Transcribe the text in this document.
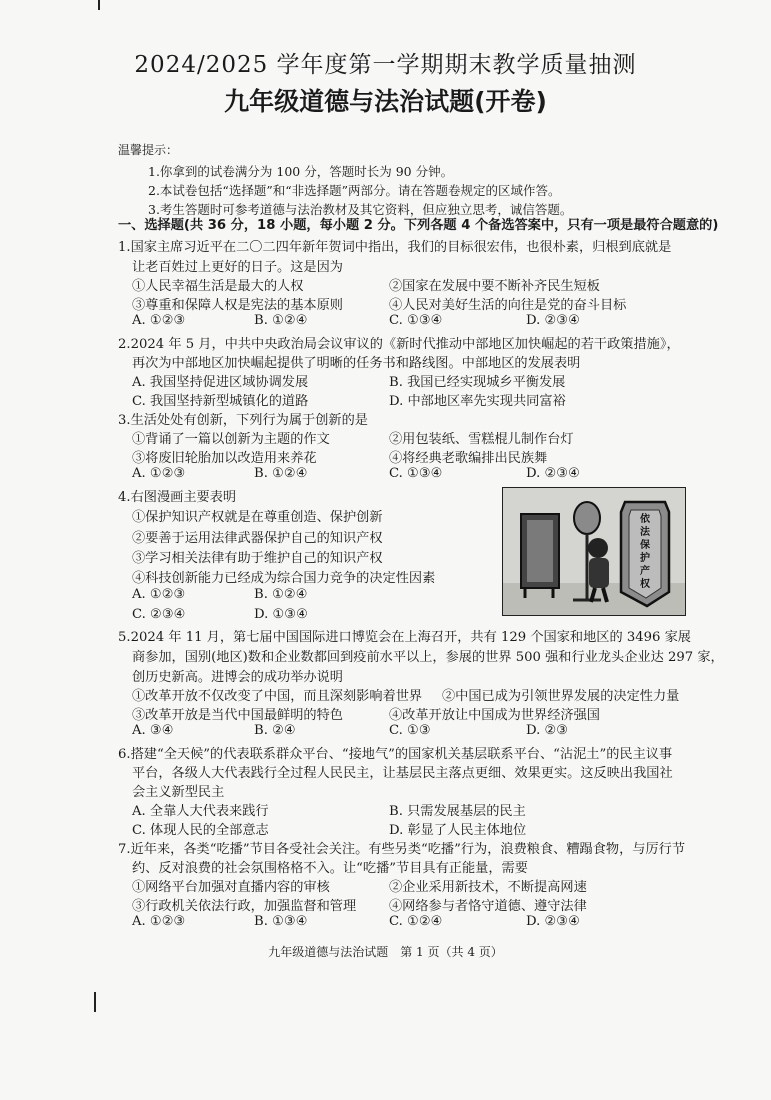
2024/2025 学年度第一学期期末教学质量抽测
九年级道德与法治试题(开卷)
温馨提示：
1.你拿到的试卷满分为 100 分，答题时长为 90 分钟。
2.本试卷包括“选择题”和“非选择题”两部分。请在答题卷规定的区域作答。
3.考生答题时可参考道德与法治教材及其它资料，但应独立思考，诚信答题。
一、选择题(共 36 分，18 小题，每小题 2 分。下列各题 4 个备选答案中，只有一项是最符合题意的)
1.国家主席习近平在二〇二四年新年贺词中指出，我们的目标很宏伟，也很朴素，归根到底就是
让老百姓过上更好的日子。这是因为
①人民幸福生活是最大的人权	②国家在发展中要不断补齐民生短板
③尊重和保障人权是宪法的基本原则	④人民对美好生活的向往是党的奋斗目标
A. ①②③	B. ①②④	C. ①③④	D. ②③④
2.2024 年 5 月，中共中央政治局会议审议的《新时代推动中部地区加快崛起的若干政策措施》，
再次为中部地区加快崛起提供了明晰的任务书和路线图。中部地区的发展表明
A. 我国坚持促进区域协调发展	B. 我国已经实现城乡平衡发展
C. 我国坚持新型城镇化的道路	D. 中部地区率先实现共同富裕
3.生活处处有创新，下列行为属于创新的是
①背诵了一篇以创新为主题的作文	②用包装纸、雪糕棍儿制作台灯
③将废旧轮胎加以改造用来养花	④将经典老歌编排出民族舞
A. ①②③	B. ①②④	C. ①③④	D. ②③④
4.右图漫画主要表明
①保护知识产权就是在尊重创造、保护创新
②要善于运用法律武器保护自己的知识产权
③学习相关法律有助于维护自己的知识产权
④科技创新能力已经成为综合国力竞争的决定性因素
A. ①②③	B. ①②④
C. ②③④	D. ①③④
依法保护产权
5.2024 年 11 月，第七届中国国际进口博览会在上海召开，共有 129 个国家和地区的 3496 家展
商参加，国别(地区)数和企业数都回到疫前水平以上，参展的世界 500 强和行业龙头企业达 297 家，
创历史新高。进博会的成功举办说明
①改革开放不仅改变了中国，而且深刻影响着世界 ②中国已成为引领世界发展的决定性力量
③改革开放是当代中国最鲜明的特色	④改革开放让中国成为世界经济强国
A. ③④	B. ②④	C. ①③	D. ②③
6.搭建“全天候”的代表联系群众平台、“接地气”的国家机关基层联系平台、“沾泥土”的民主议事
平台，各级人大代表践行全过程人民民主，让基层民主落点更细、效果更实。这反映出我国社
会主义新型民主
A. 全靠人大代表来践行	B. 只需发展基层的民主
C. 体现人民的全部意志	D. 彰显了人民主体地位
7.近年来，各类“吃播”节目各受社会关注。有些另类“吃播”行为，浪费粮食、糟蹋食物，与厉行节
约、反对浪费的社会氛围格格不入。让“吃播”节目具有正能量，需要
①网络平台加强对直播内容的审核	②企业采用新技术，不断提高网速
③行政机关依法行政，加强监督和管理 ④网络参与者恪守道德、遵守法律
A. ①②③	B. ①③④	C. ①②④	D. ②③④
九年级道德与法治试题　第 1 页（共 4 页）
